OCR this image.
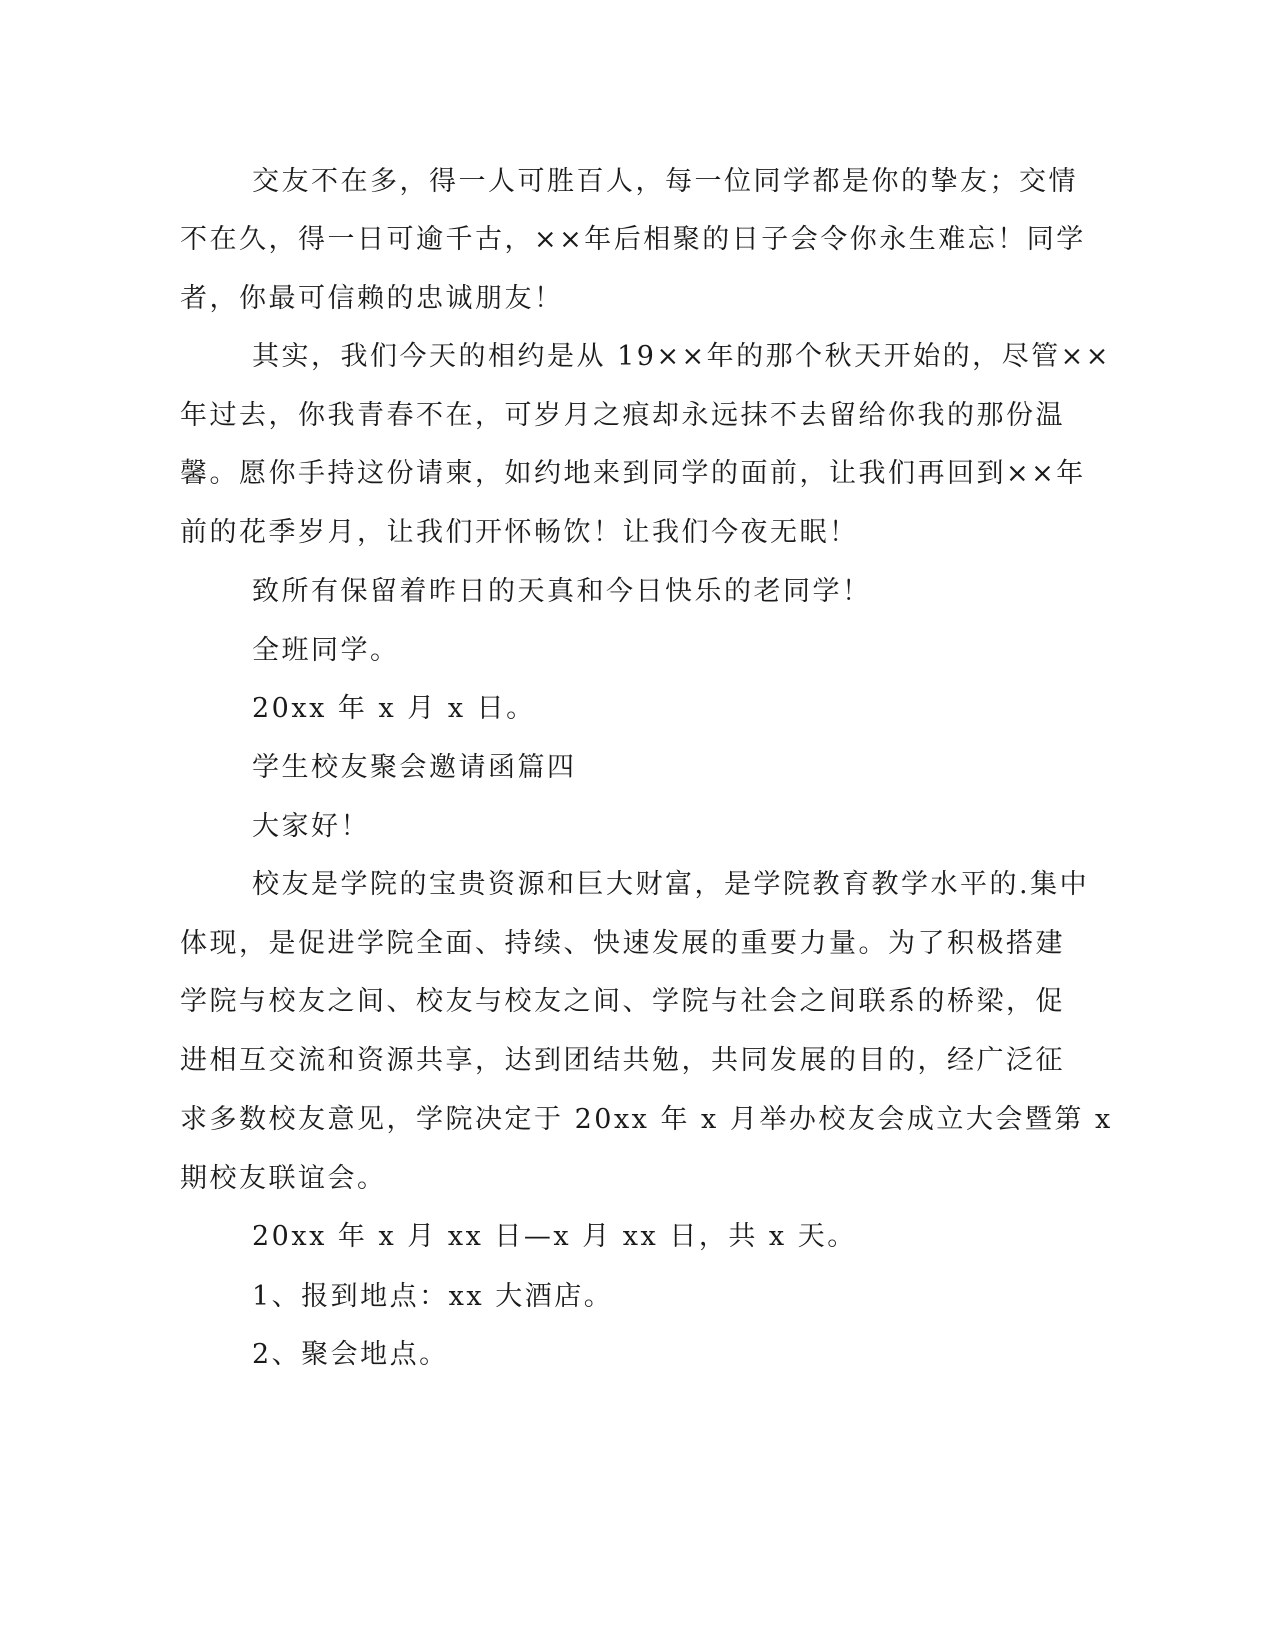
交友不在多，得一人可胜百人，每一位同学都是你的挚友；交情
不在久，得一日可逾千古，××年后相聚的日子会令你永生难忘！同学
者，你最可信赖的忠诚朋友！
其实，我们今天的相约是从 19××年的那个秋天开始的，尽管××
年过去，你我青春不在，可岁月之痕却永远抹不去留给你我的那份温
馨。愿你手持这份请柬，如约地来到同学的面前，让我们再回到××年
前的花季岁月，让我们开怀畅饮！让我们今夜无眠！
致所有保留着昨日的天真和今日快乐的老同学！
全班同学。
20xx 年 x 月 x 日。
学生校友聚会邀请函篇四
大家好！
校友是学院的宝贵资源和巨大财富，是学院教育教学水平的.集中
体现，是促进学院全面、持续、快速发展的重要力量。为了积极搭建
学院与校友之间、校友与校友之间、学院与社会之间联系的桥梁，促
进相互交流和资源共享，达到团结共勉，共同发展的目的，经广泛征
求多数校友意见，学院决定于 20xx 年 x 月举办校友会成立大会暨第 x
期校友联谊会。
20xx 年 x 月 xx 日—x 月 xx 日，共 x 天。
1、报到地点：xx 大酒店。
2、聚会地点。
